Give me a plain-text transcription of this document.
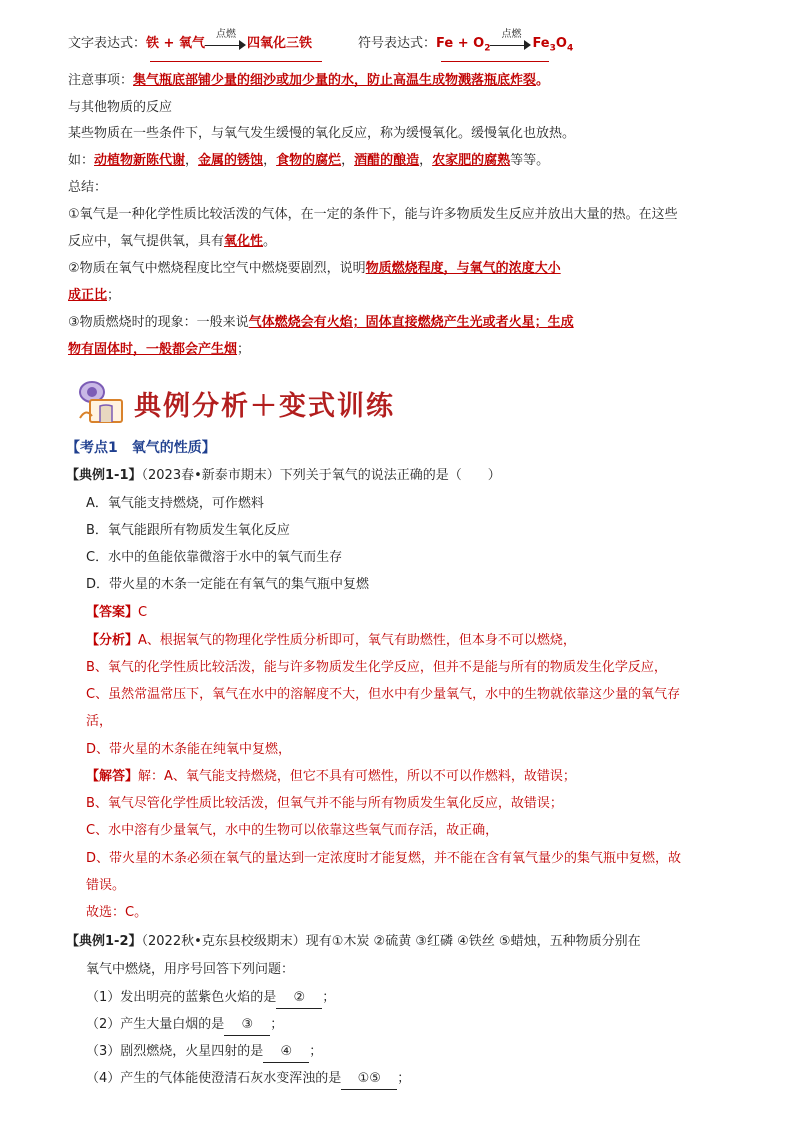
文字表达式：铁 + 氧气
点燃
四氧化三铁	符号表达式：$Fe + O_2$
点燃
$Fe_3O_4$
注意事项：集气瓶底部铺少量的细沙或加少量的水，防止高温生成物溅落瓶底炸裂。
与其他物质的反应
某些物质在一些条件下，与氧气发生缓慢的氧化反应，称为缓慢氧化。缓慢氧化也放热。
如：动植物新陈代谢，金属的锈蚀，食物的腐烂，酒醋的酿造，农家肥的腐熟等等。
总结：
①氧气是一种化学性质比较活泼的气体，在一定的条件下，能与许多物质发生反应并放出大量的热。在这些
反应中，氧气提供氧，具有氧化性。
②物质在氧气中燃烧程度比空气中燃烧要剧烈，说明物质燃烧程度，与氧气的浓度大小
成正比；
③物质燃烧时的现象：一般来说气体燃烧会有火焰；固体直接燃烧产生光或者火星；生成
物有固体时，一般都会产生烟；
典例分析＋变式训练
【考点1　氧气的性质】
【典例1-1】（2023春•新泰市期末）下列关于氧气的说法正确的是（　　）
A．氧气能支持燃烧，可作燃料
B．氧气能跟所有物质发生氧化反应
C．水中的鱼能依靠微溶于水中的氧气而生存
D．带火星的木条一定能在有氧气的集气瓶中复燃
【答案】C
【分析】A、根据氧气的物理化学性质分析即可，氧气有助燃性，但本身不可以燃烧，
B、氧气的化学性质比较活泼，能与许多物质发生化学反应，但并不是能与所有的物质发生化学反应，
C、虽然常温常压下，氧气在水中的溶解度不大，但水中有少量氧气，水中的生物就依靠这少量的氧气存
活，
D、带火星的木条能在纯氧中复燃，
【解答】解：A、氧气能支持燃烧，但它不具有可燃性，所以不可以作燃料，故错误；
B、氧气尽管化学性质比较活泼，但氧气并不能与所有物质发生氧化反应，故错误；
C、水中溶有少量氧气，水中的生物可以依靠这些氧气而存活，故正确，
D、带火星的木条必须在氧气的量达到一定浓度时才能复燃，并不能在含有氧气量少的集气瓶中复燃，故
错误。
故选：C。
【典例1-2】（2022秋•克东县校级期末）现有①木炭 ②硫黄 ③红磷 ④铁丝 ⑤蜡烛，五种物质分别在
氧气中燃烧，用序号回答下列问题：
（1）发出明亮的蓝紫色火焰的是 ② ；
（2）产生大量白烟的是 ③ ；
（3）剧烈燃烧，火星四射的是 ④ ；
（4）产生的气体能使澄清石灰水变浑浊的是 ①⑤ ；
